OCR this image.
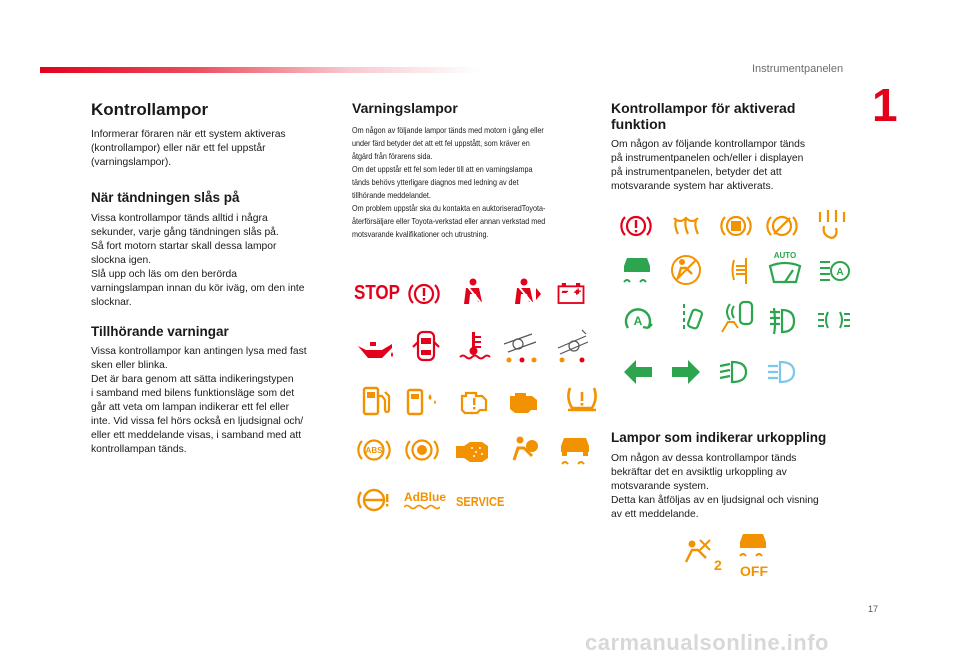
Instrumentpanelen
1
Kontrollampor

Informerar föraren när ett system aktiveras
(kontrollampor) eller när ett fel uppstår
(varningslampor).

När tändningen slås på

Vissa kontrollampor tänds alltid i några
sekunder, varje gång tändningen slås på.
Så fort motorn startar skall dessa lampor
slockna igen.
Slå upp och läs om den berörda
varningslampan innan du kör iväg, om den inte
slocknar.

Tillhörande varningar

Vissa kontrollampor kan antingen lysa med fast
sken eller blinka.
Det är bara genom att sätta indikeringstypen
i samband med bilens funktionsläge som det
går att veta om lampan indikerar ett fel eller
inte. Vid vissa fel hörs också en ljudsignal och/
eller ett meddelande visas, i samband med att
kontrollampan tänds.

Varningslampor

Om någon av följande lampor tänds med motorn i gång eller
under färd betyder det att ett fel uppstått, som kräver en
åtgärd från förarens sida.
Om det uppstår ett fel som leder till att en varningslampa
tänds behövs ytterligare diagnos med ledning av det
tillhörande meddelandet.
Om problem uppstår ska du kontakta en auktoriseradToyota-
återförsäljare eller Toyota-verkstad eller annan verkstad med
motsvarande kvalifikationer och utrustning.

STOP
ABS
AdBlue SERVICE
− +
Kontrollampor för aktiverad
funktion

Om någon av följande kontrollampor tänds
på instrumentpanelen och/eller i displayen
på instrumentpanelen, betyder det att
motsvarande system har aktiverats.

AUTO
A
A
Lampor som indikerar urkoppling

Om någon av dessa kontrollampor tänds
bekräftar det en avsiktlig urkoppling av
motsvarande system.
Detta kan åtföljas av en ljudsignal och visning
av ett meddelande.

2 OFF
17
carmanualsonline.info
